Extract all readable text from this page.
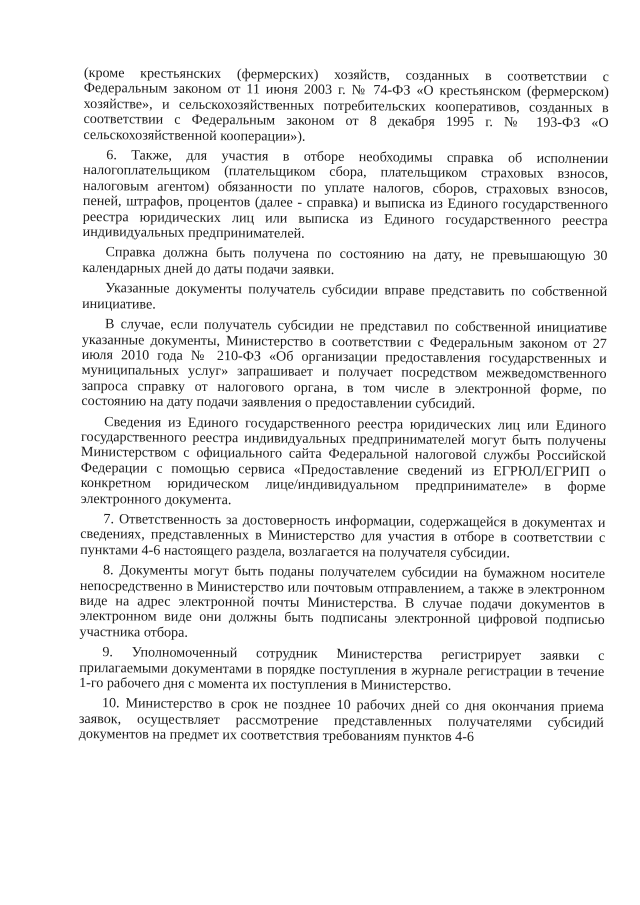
(кроме крестьянских (фермерских) хозяйств, созданных в соответствии с Федеральным законом от 11 июня 2003 г. № 74-ФЗ «О крестьянском (фермерском) хозяйстве», и сельскохозяйственных потребительских кооперативов, созданных в соответствии с Федеральным законом от 8 декабря 1995 г. № 193-ФЗ «О сельскохозяйственной кооперации»).

6. Также, для участия в отборе необходимы справка об исполнении налогоплательщиком (плательщиком сбора, плательщиком страховых взносов, налоговым агентом) обязанности по уплате налогов, сборов, страховых взносов, пеней, штрафов, процентов (далее - справка) и выписка из Единого государственного реестра юридических лиц или выписка из Единого государственного реестра индивидуальных предпринимателей.

Справка должна быть получена по состоянию на дату, не превышающую 30 календарных дней до даты подачи заявки.

Указанные документы получатель субсидии вправе представить по собственной инициативе.

В случае, если получатель субсидии не представил по собственной инициативе указанные документы, Министерство в соответствии с Федеральным законом от 27 июля 2010 года № 210-ФЗ «Об организации предоставления государственных и муниципальных услуг» запрашивает и получает посредством межведомственного запроса справку от налогового органа, в том числе в электронной форме, по состоянию на дату подачи заявления о предоставлении субсидий.

Сведения из Единого государственного реестра юридических лиц или Единого государственного реестра индивидуальных предпринимателей могут быть получены Министерством с официального сайта Федеральной налоговой службы Российской Федерации с помощью сервиса «Предоставление сведений из ЕГРЮЛ/ЕГРИП о конкретном юридическом лице/индивидуальном предпринимателе» в форме электронного документа.

7. Ответственность за достоверность информации, содержащейся в документах и сведениях, представленных в Министерство для участия в отборе в соответствии с пунктами 4-6 настоящего раздела, возлагается на получателя субсидии.

8. Документы могут быть поданы получателем субсидии на бумажном носителе непосредственно в Министерство или почтовым отправлением, а также в электронном виде на адрес электронной почты Министерства. В случае подачи документов в электронном виде они должны быть подписаны электронной цифровой подписью участника отбора.

9. Уполномоченный сотрудник Министерства регистрирует заявки с прилагаемыми документами в порядке поступления в журнале регистрации в течение 1-го рабочего дня с момента их поступления в Министерство.

10. Министерство в срок не позднее 10 рабочих дней со дня окончания приема заявок, осуществляет рассмотрение представленных получателями субсидий документов на предмет их соответствия требованиям пунктов 4-6
